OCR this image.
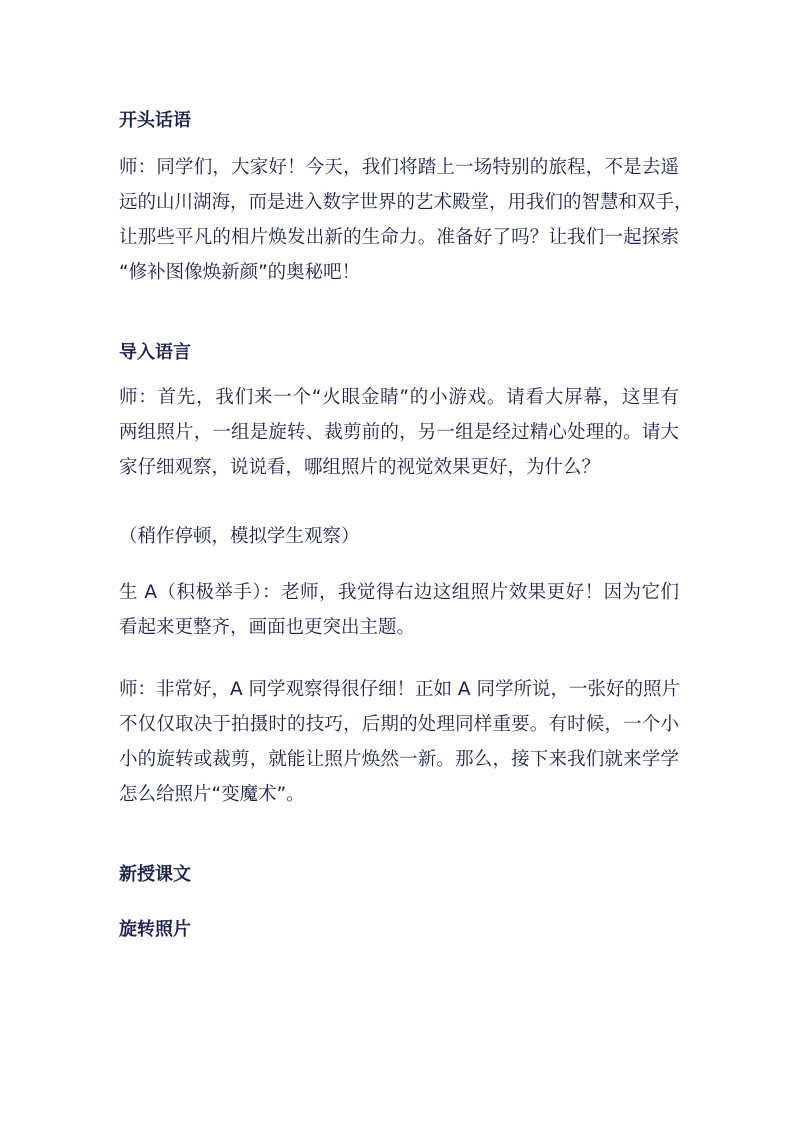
开头话语
师：同学们，大家好！今天，我们将踏上一场特别的旅程，不是去遥
远的山川湖海，而是进入数字世界的艺术殿堂，用我们的智慧和双手，
让那些平凡的相片焕发出新的生命力。准备好了吗？让我们一起探索
“修补图像焕新颜”的奥秘吧！
导入语言
师：首先，我们来一个“火眼金睛”的小游戏。请看大屏幕，这里有
两组照片，一组是旋转、裁剪前的，另一组是经过精心处理的。请大
家仔细观察，说说看，哪组照片的视觉效果更好，为什么？
（稍作停顿，模拟学生观察）
生 A（积极举手）：老师，我觉得右边这组照片效果更好！因为它们
看起来更整齐，画面也更突出主题。
师：非常好，A 同学观察得很仔细！正如 A 同学所说，一张好的照片
不仅仅取决于拍摄时的技巧，后期的处理同样重要。有时候，一个小
小的旋转或裁剪，就能让照片焕然一新。那么，接下来我们就来学学
怎么给照片“变魔术”。
新授课文
旋转照片
